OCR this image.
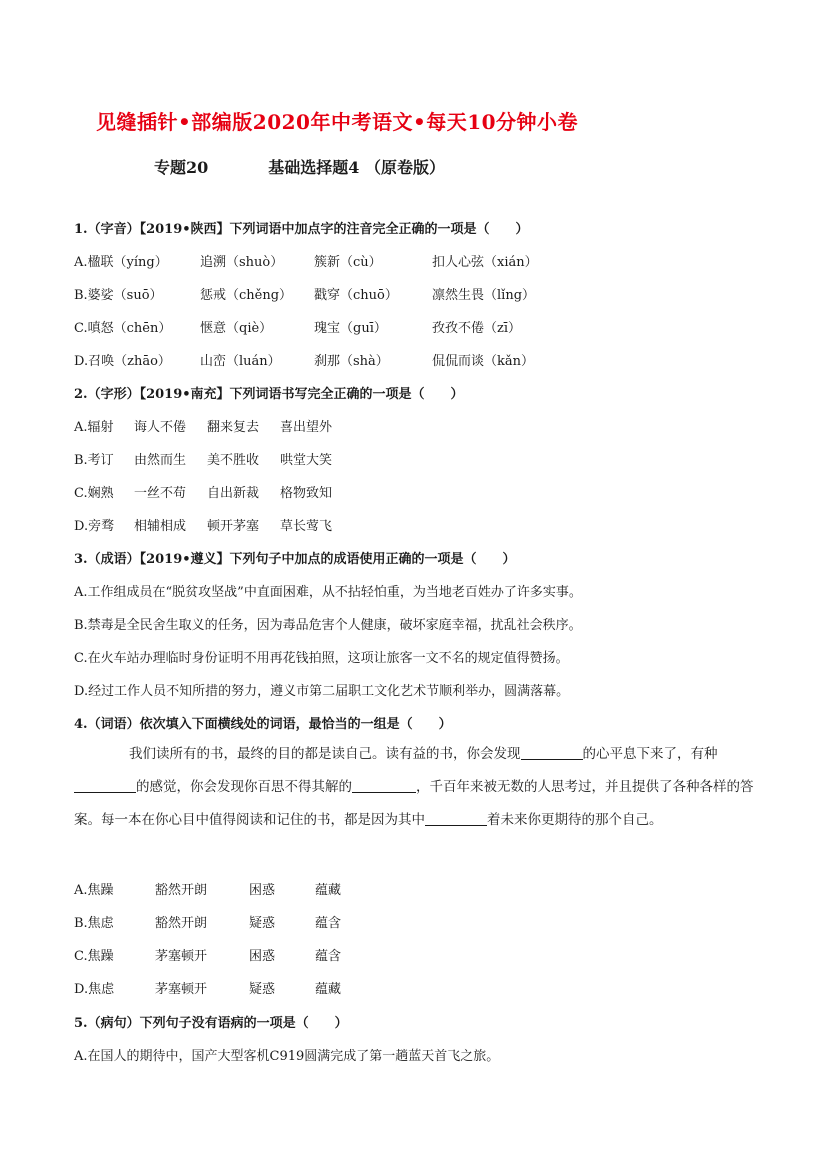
见缝插针•部编版2020年中考语文•每天10分钟小卷
专题20	基础选择题4 （原卷版）
1.（字音）【2019•陕西】下列词语中加点字的注音完全正确的一项是（　　）
A.楹联（yíng） 追溯（shuò） 簇新（cù）	扣人心弦（xián）
B.婆娑（suō）	惩戒（chěng） 戳穿（chuō）	凛然生畏（lǐng）
C.嗔怒（chēn） 惬意（qiè）	瑰宝（guī）	孜孜不倦（zī）
D.召唤（zhāo） 山峦（luán）	刹那（shà）	侃侃而谈（kǎn）
2.（字形）【2019•南充】下列词语书写完全正确的一项是（　　）
A.辐射 诲人不倦 翻来复去 喜出望外
B.考订 由然而生 美不胜收 哄堂大笑
C.娴熟 一丝不苟 自出新裁 格物致知
D.旁骛 相辅相成 顿开茅塞 草长莺飞
3.（成语）【2019•遵义】下列句子中加点的成语使用正确的一项是（　　）
A.工作组成员在“脱贫攻坚战”中直面困难，从不拈轻怕重，为当地老百姓办了许多实事。
B.禁毒是全民舍生取义的任务，因为毒品危害个人健康，破坏家庭幸福，扰乱社会秩序。
C.在火车站办理临时身份证明不用再花钱拍照，这项让旅客一文不名的规定值得赞扬。
D.经过工作人员不知所措的努力，遵义市第二届职工文化艺术节顺利举办，圆满落幕。
4.（词语）依次填入下面横线处的词语，最恰当的一组是（　　）
我们读所有的书，最终的目的都是读自己。读有益的书，你会发现	的心平息下来了，有种的感觉，你会发现你百思不得其解的	，千百年来被无数的人思考过，并且提供了各种各样的答案。每一本在你心目中值得阅读和记住的书，都是因为其中	着未来你更期待的那个自己。
A.焦躁	豁然开朗	困惑	蕴藏
B.焦虑	豁然开朗	疑惑	蕴含
C.焦躁	茅塞顿开	困惑	蕴含
D.焦虑	茅塞顿开	疑惑	蕴藏
5.（病句）下列句子没有语病的一项是（　　）
A.在国人的期待中，国产大型客机C919圆满完成了第一趟蓝天首飞之旅。
